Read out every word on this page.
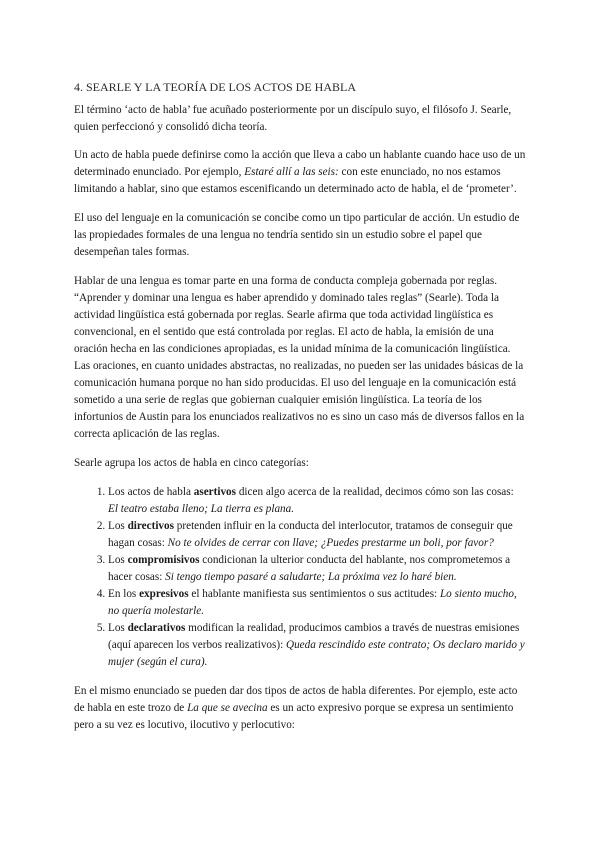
4. SEARLE Y LA TEORÍA DE LOS ACTOS DE HABLA

El término ‘acto de habla’ fue acuñado posteriormente por un discípulo suyo, el filósofo J. Searle, quien perfeccionó y consolidó dicha teoría.

Un acto de habla puede definirse como la acción que lleva a cabo un hablante cuando hace uso de un determinado enunciado. Por ejemplo, Estaré allí a las seis: con este enunciado, no nos estamos limitando a hablar, sino que estamos escenificando un determinado acto de habla, el de ‘prometer’.

El uso del lenguaje en la comunicación se concibe como un tipo particular de acción. Un estudio de las propiedades formales de una lengua no tendría sentido sin un estudio sobre el papel que desempeñan tales formas.

Hablar de una lengua es tomar parte en una forma de conducta compleja gobernada por reglas. “Aprender y dominar una lengua es haber aprendido y dominado tales reglas” (Searle). Toda la actividad lingüística está gobernada por reglas. Searle afirma que toda actividad lingüística es convencional, en el sentido que está controlada por reglas. El acto de habla, la emisión de una oración hecha en las condiciones apropiadas, es la unidad mínima de la comunicación lingüística. Las oraciones, en cuanto unidades abstractas, no realizadas, no pueden ser las unidades básicas de la comunicación humana porque no han sido producidas. El uso del lenguaje en la comunicación está sometido a una serie de reglas que gobiernan cualquier emisión lingüística. La teoría de los infortunios de Austin para los enunciados realizativos no es sino un caso más de diversos fallos en la correcta aplicación de las reglas.

Searle agrupa los actos de habla en cinco categorías:

1. Los actos de habla asertivos dicen algo acerca de la realidad, decimos cómo son las cosas: El teatro estaba lleno; La tierra es plana.
2. Los directivos pretenden influir en la conducta del interlocutor, tratamos de conseguir que hagan cosas: No te olvides de cerrar con llave; ¿Puedes prestarme un boli, por favor?
3. Los compromisivos condicionan la ulterior conducta del hablante, nos comprometemos a hacer cosas: Si tengo tiempo pasaré a saludarte; La próxima vez lo haré bien.
4. En los expresivos el hablante manifiesta sus sentimientos o sus actitudes: Lo siento mucho, no quería molestarle.
5. Los declarativos modifican la realidad, producimos cambios a través de nuestras emisiones (aquí aparecen los verbos realizativos): Queda rescindido este contrato; Os declaro marido y mujer (según el cura).

En el mismo enunciado se pueden dar dos tipos de actos de habla diferentes. Por ejemplo, este acto de habla en este trozo de La que se avecina es un acto expresivo porque se expresa un sentimiento pero a su vez es locutivo, ilocutivo y perlocutivo:
